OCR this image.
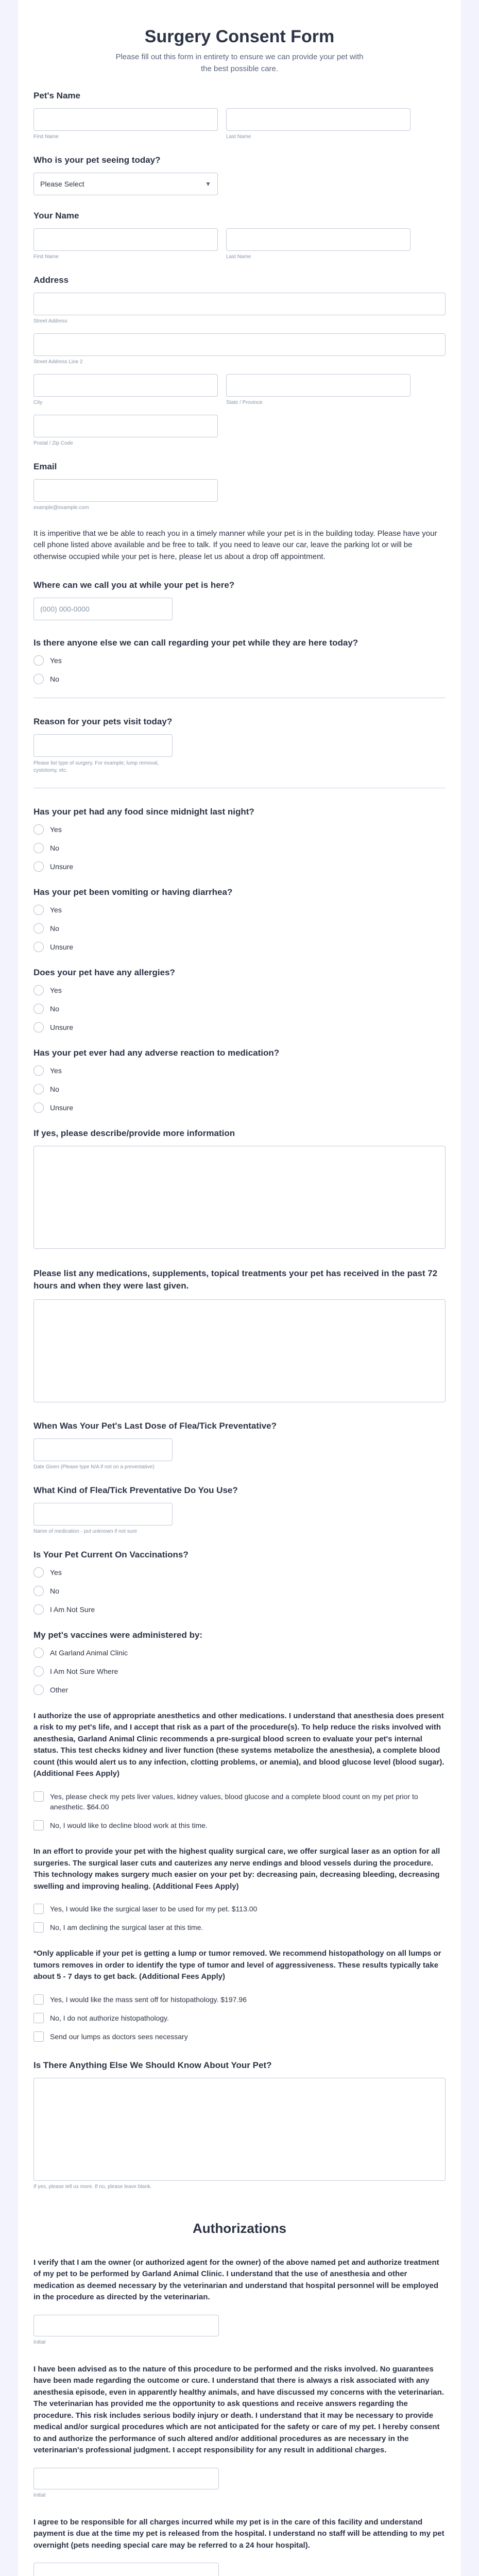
Surgery Consent Form

Please fill out this form in entirety to ensure we can provide your pet with the best possible care.

Pet's Name
First Name	Last Name
Who is your pet seeing today?
Please Select	▼
Your Name
First Name	Last Name
Address
Street Address
Street Address Line 2
City	State / Province
Postal / Zip Code
Email
example@example.com

It is imperitive that we be able to reach you in a timely manner while your pet is in the building today. Please have your cell phone listed above available and be free to talk. If you need to leave our car, leave the parking lot or will be otherwise occupied while your pet is here, please let us about a drop off appointment.

Where can we call you at while your pet is here?
(000) 000-0000
Is there anyone else we can call regarding your pet while they are here today?
Yes
No
Reason for your pets visit today?
Please list type of surgery. For example; lump removal, cystotomy, etc.
Has your pet had any food since midnight last night?
Yes
No
Unsure
Has your pet been vomiting or having diarrhea?
Yes
No
Unsure
Does your pet have any allergies?
Yes
No
Unsure
Has your pet ever had any adverse reaction to medication?
Yes
No
Unsure
If yes, please describe/provide more information
Please list any medications, supplements, topical treatments your pet has received in the past 72 hours and when they were last given.
When Was Your Pet's Last Dose of Flea/Tick Preventative?
Date Given (Please type N/A if not on a preventative)
What Kind of Flea/Tick Preventative Do You Use?
Name of medication - put unknown if not sure
Is Your Pet Current On Vaccinations?
Yes
No
I Am Not Sure
My pet's vaccines were administered by:
At Garland Animal Clinic
I Am Not Sure Where
Other

I authorize the use of appropriate anesthetics and other medications. I understand that anesthesia does present a risk to my pet's life, and I accept that risk as a part of the procedure(s). To help reduce the risks involved with anesthesia, Garland Animal Clinic recommends a pre-surgical blood screen to evaluate your pet's internal status. This test checks kidney and liver function (these systems metabolize the anesthesia), a complete blood count (this would alert us to any infection, clotting problems, or anemia), and blood glucose level (blood sugar). (Additional Fees Apply)

Yes, please check my pets liver values, kidney values, blood glucose and a complete blood count on my pet prior to anesthetic. $64.00
No, I would like to decline blood work at this time.

In an effort to provide your pet with the highest quality surgical care, we offer surgical laser as an option for all surgeries. The surgical laser cuts and cauterizes any nerve endings and blood vessels during the procedure. This technology makes surgery much easier on your pet by: decreasing pain, decreasing bleeding, decreasing swelling and improving healing. (Additional Fees Apply)

Yes, I would like the surgical laser to be used for my pet. $113.00
No, I am declining the surgical laser at this time.

*Only applicable if your pet is getting a lump or tumor removed. We recommend histopathology on all lumps or tumors removes in order to identify the type of tumor and level of aggressiveness. These results typically take about 5 - 7 days to get back. (Additional Fees Apply)

Yes, I would like the mass sent off for histopathology. $197.96
No, I do not authorize histopathology.
Send our lumps as doctors sees necessary
Is There Anything Else We Should Know About Your Pet?
If yes, please tell us more. If no, please leave blank.
Authorizations

I verify that I am the owner (or authorized agent for the owner) of the above named pet and authorize treatment of my pet to be performed by Garland Animal Clinic. I understand that the use of anesthesia and other medication as deemed necessary by the veterinarian and understand that hospital personnel will be employed in the procedure as directed by the veterinarian.

Initial

I have been advised as to the nature of this procedure to be performed and the risks involved. No guarantees have been made regarding the outcome or cure. I understand that there is always a risk associated with any anesthesia episode, even in apparently healthy animals, and have discussed my concerns with the veterinarian. The veterinarian has provided me the opportunity to ask questions and receive answers regarding the procedure. This risk includes serious bodily injury or death. I understand that it may be necessary to provide medical and/or surgical procedures which are not anticipated for the safety or care of my pet. I hereby consent to and authorize the performance of such altered and/or additional procedures as are necessary in the veterinarian's professional judgment. I accept responsibility for any result in additional charges.

Initial

I agree to be responsible for all charges incurred while my pet is in the care of this facility and understand payment is due at the time my pet is released from the hospital. I understand no staff will be attending to my pet overnight (pets needing special care may be referred to a 24 hour hospital).
